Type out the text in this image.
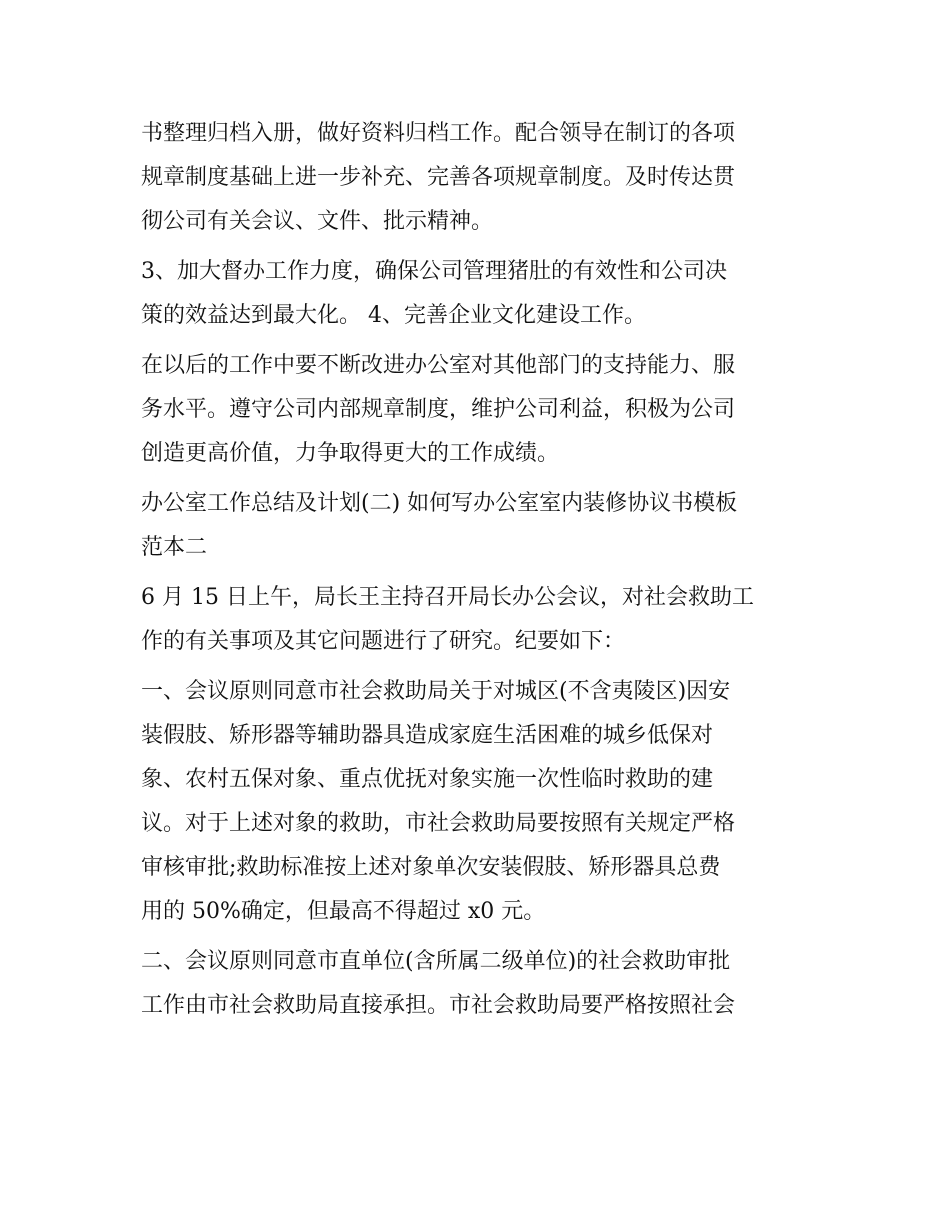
书整理归档入册，做好资料归档工作。配合领导在制订的各项
规章制度基础上进一步补充、完善各项规章制度。及时传达贯
彻公司有关会议、文件、批示精神。
3、加大督办工作力度，确保公司管理猪肚的有效性和公司决
策的效益达到最大化。 4、完善企业文化建设工作。
在以后的工作中要不断改进办公室对其他部门的支持能力、服
务水平。遵守公司内部规章制度，维护公司利益，积极为公司
创造更高价值，力争取得更大的工作成绩。
办公室工作总结及计划(二) 如何写办公室室内装修协议书模板
范本二
6 月 15 日上午，局长王主持召开局长办公会议，对社会救助工
作的有关事项及其它问题进行了研究。纪要如下：
一、会议原则同意市社会救助局关于对城区(不含夷陵区)因安
装假肢、矫形器等辅助器具造成家庭生活困难的城乡低保对
象、农村五保对象、重点优抚对象实施一次性临时救助的建
议。对于上述对象的救助，市社会救助局要按照有关规定严格
审核审批;救助标准按上述对象单次安装假肢、矫形器具总费
用的 50%确定，但最高不得超过 x0 元。
二、会议原则同意市直单位(含所属二级单位)的社会救助审批
工作由市社会救助局直接承担。市社会救助局要严格按照社会
